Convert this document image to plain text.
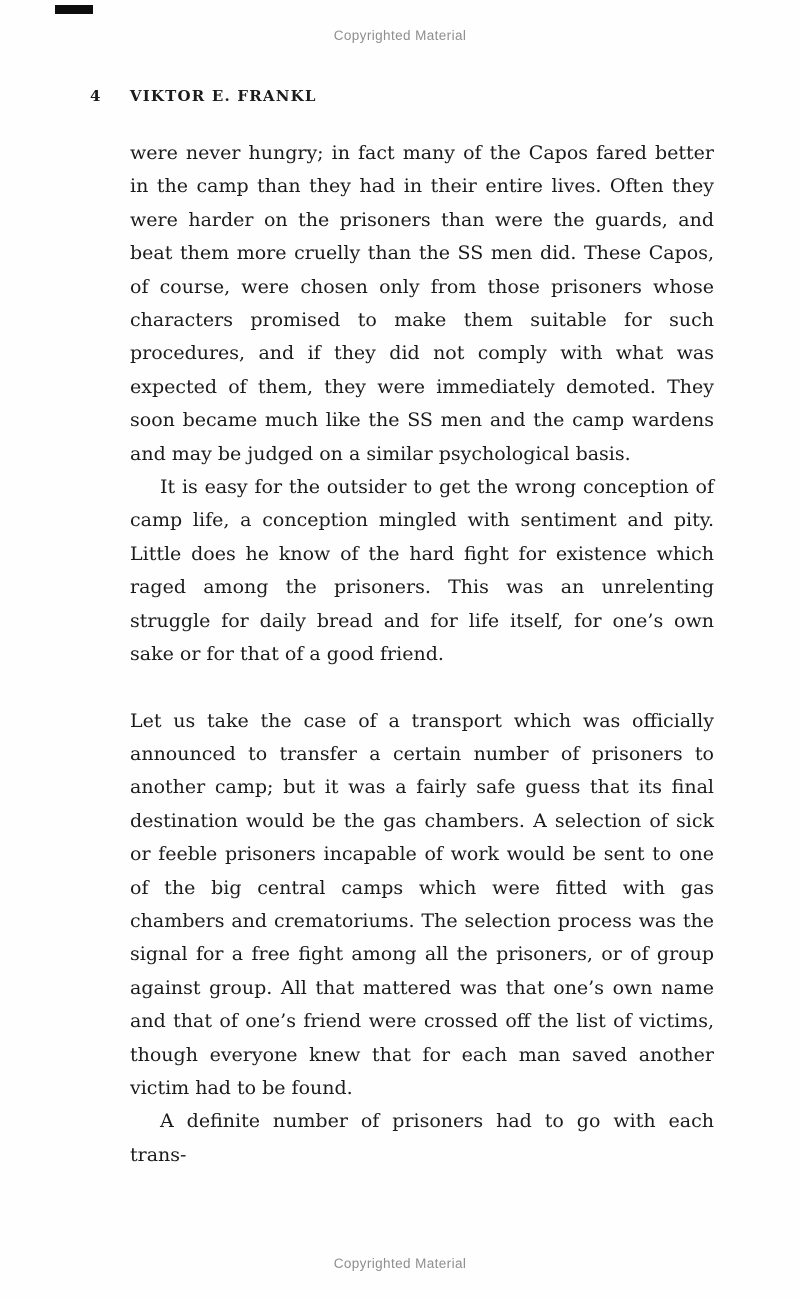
Copyrighted Material
4 VIKTOR E. FRANKL

were never hungry; in fact many of the Capos fared better in the camp than they had in their entire lives. Often they were harder on the prisoners than were the guards, and beat them more cruelly than the SS men did. These Capos, of course, were chosen only from those prisoners whose characters promised to make them suitable for such procedures, and if they did not comply with what was expected of them, they were immediately demoted. They soon became much like the SS men and the camp wardens and may be judged on a similar psychological basis.

It is easy for the outsider to get the wrong conception of camp life, a conception mingled with sentiment and pity. Little does he know of the hard fight for existence which raged among the prisoners. This was an unrelenting struggle for daily bread and for life itself, for one’s own sake or for that of a good friend.

Let us take the case of a transport which was officially announced to transfer a certain number of prisoners to another camp; but it was a fairly safe guess that its final destination would be the gas chambers. A selection of sick or feeble prisoners incapable of work would be sent to one of the big central camps which were fitted with gas chambers and crematoriums. The selection process was the signal for a free fight among all the prisoners, or of group against group. All that mattered was that one’s own name and that of one’s friend were crossed off the list of victims, though everyone knew that for each man saved another victim had to be found.

A definite number of prisoners had to go with each trans-

Copyrighted Material
